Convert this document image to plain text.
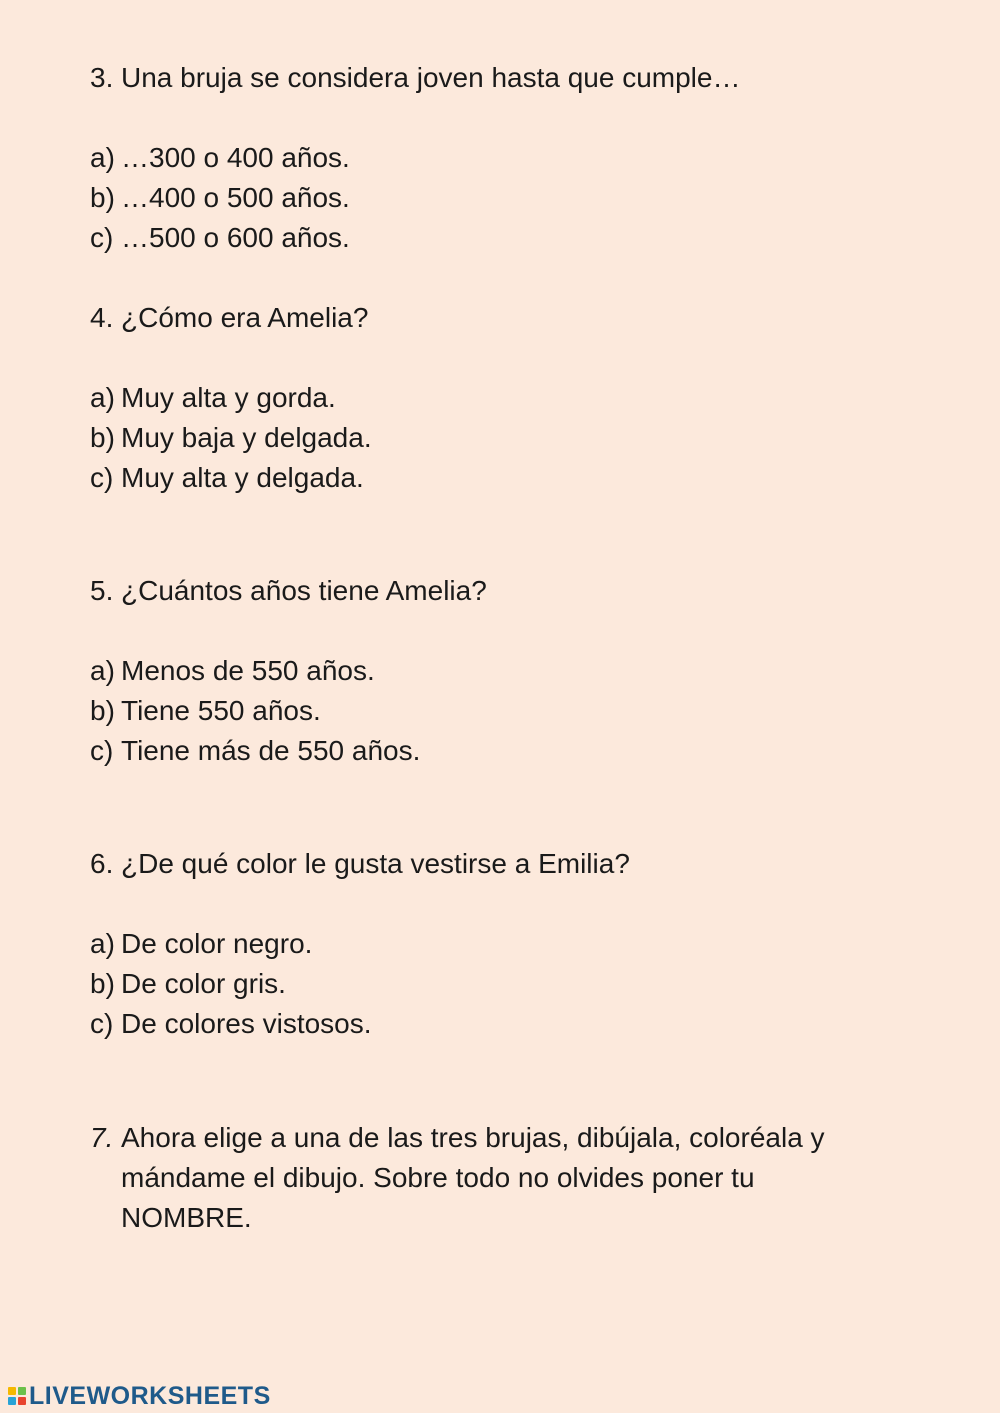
3. Una bruja se considera joven hasta que cumple…
a) …300 o 400 años.
b) …400 o 500 años.
c) …500 o 600 años.
4. ¿Cómo era Amelia?
a) Muy alta y gorda.
b) Muy baja y delgada.
c) Muy alta y delgada.
5. ¿Cuántos años tiene Amelia?
a) Menos de 550 años.
b) Tiene 550 años.
c) Tiene más de 550 años.
6. ¿De qué color le gusta vestirse a Emilia?
a) De color negro.
b) De color gris.
c) De colores vistosos.
7. Ahora elige a una de las tres brujas, dibújala, coloréala y
mándame el dibujo. Sobre todo no olvides poner tu
NOMBRE.
LIVEWORKSHEETS
